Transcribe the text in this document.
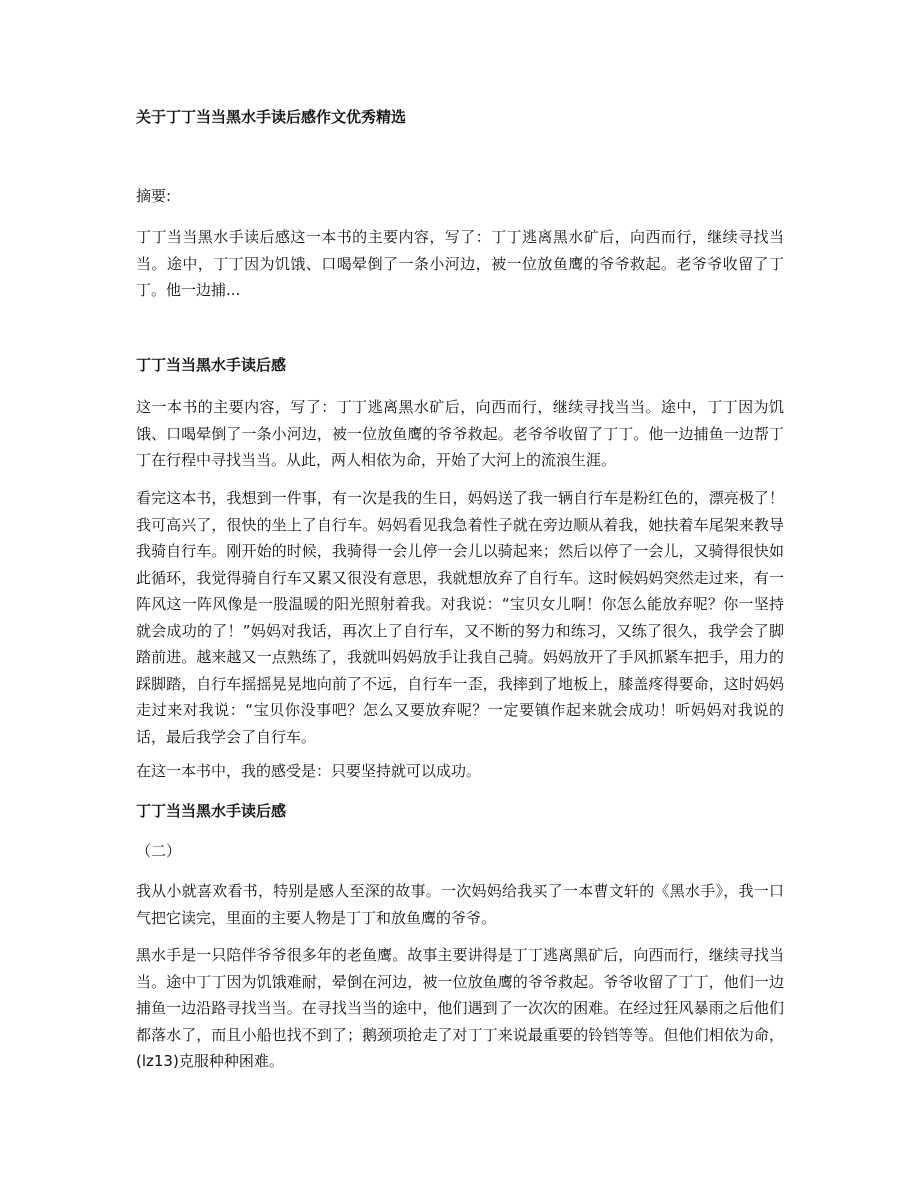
关于丁丁当当黑水手读后感作文优秀精选
摘要:
丁丁当当黑水手读后感这一本书的主要内容，写了：丁丁逃离黑水矿后，向西而行，继续寻找当当。途中，丁丁因为饥饿、口喝晕倒了一条小河边，被一位放鱼鹰的爷爷救起。老爷爷收留了丁丁。他一边捕...
丁丁当当黑水手读后感
这一本书的主要内容，写了：丁丁逃离黑水矿后，向西而行，继续寻找当当。途中，丁丁因为饥饿、口喝晕倒了一条小河边，被一位放鱼鹰的爷爷救起。老爷爷收留了丁丁。他一边捕鱼一边帮丁丁在行程中寻找当当。从此，两人相依为命，开始了大河上的流浪生涯。
看完这本书，我想到一件事，有一次是我的生日，妈妈送了我一辆自行车是粉红色的，漂亮极了！我可高兴了，很快的坐上了自行车。妈妈看见我急着性子就在旁边顺从着我，她扶着车尾架来教导我骑自行车。刚开始的时候，我骑得一会儿停一会儿以骑起来；然后以停了一会儿，又骑得很快如此循环，我觉得骑自行车又累又很没有意思，我就想放弃了自行车。这时候妈妈突然走过来，有一阵风这一阵风像是一股温暖的阳光照射着我。对我说：“宝贝女儿啊！你怎么能放弃呢？你一坚持就会成功的了！”妈妈对我话，再次上了自行车，又不断的努力和练习，又练了很久，我学会了脚踏前进。越来越又一点熟练了，我就叫妈妈放手让我自己骑。妈妈放开了手风抓紧车把手，用力的踩脚踏，自行车摇摇晃晃地向前了不远，自行车一歪，我摔到了地板上，膝盖疼得要命，这时妈妈走过来对我说：“宝贝你没事吧？怎么又要放弃呢？一定要镇作起来就会成功！听妈妈对我说的话，最后我学会了自行车。
在这一本书中，我的感受是：只要坚持就可以成功。
丁丁当当黑水手读后感
（二）
我从小就喜欢看书，特别是感人至深的故事。一次妈妈给我买了一本曹文轩的《黑水手》，我一口气把它读完，里面的主要人物是丁丁和放鱼鹰的爷爷。
黑水手是一只陪伴爷爷很多年的老鱼鹰。故事主要讲得是丁丁逃离黑矿后，向西而行，继续寻找当当。途中丁丁因为饥饿难耐，晕倒在河边，被一位放鱼鹰的爷爷救起。爷爷收留了丁丁，他们一边捕鱼一边沿路寻找当当。在寻找当当的途中，他们遇到了一次次的困难。在经过狂风暴雨之后他们都落水了，而且小船也找不到了；鹅颈项抢走了对丁丁来说最重要的铃铛等等。但他们相依为命，(lz13)克服种种困难。
